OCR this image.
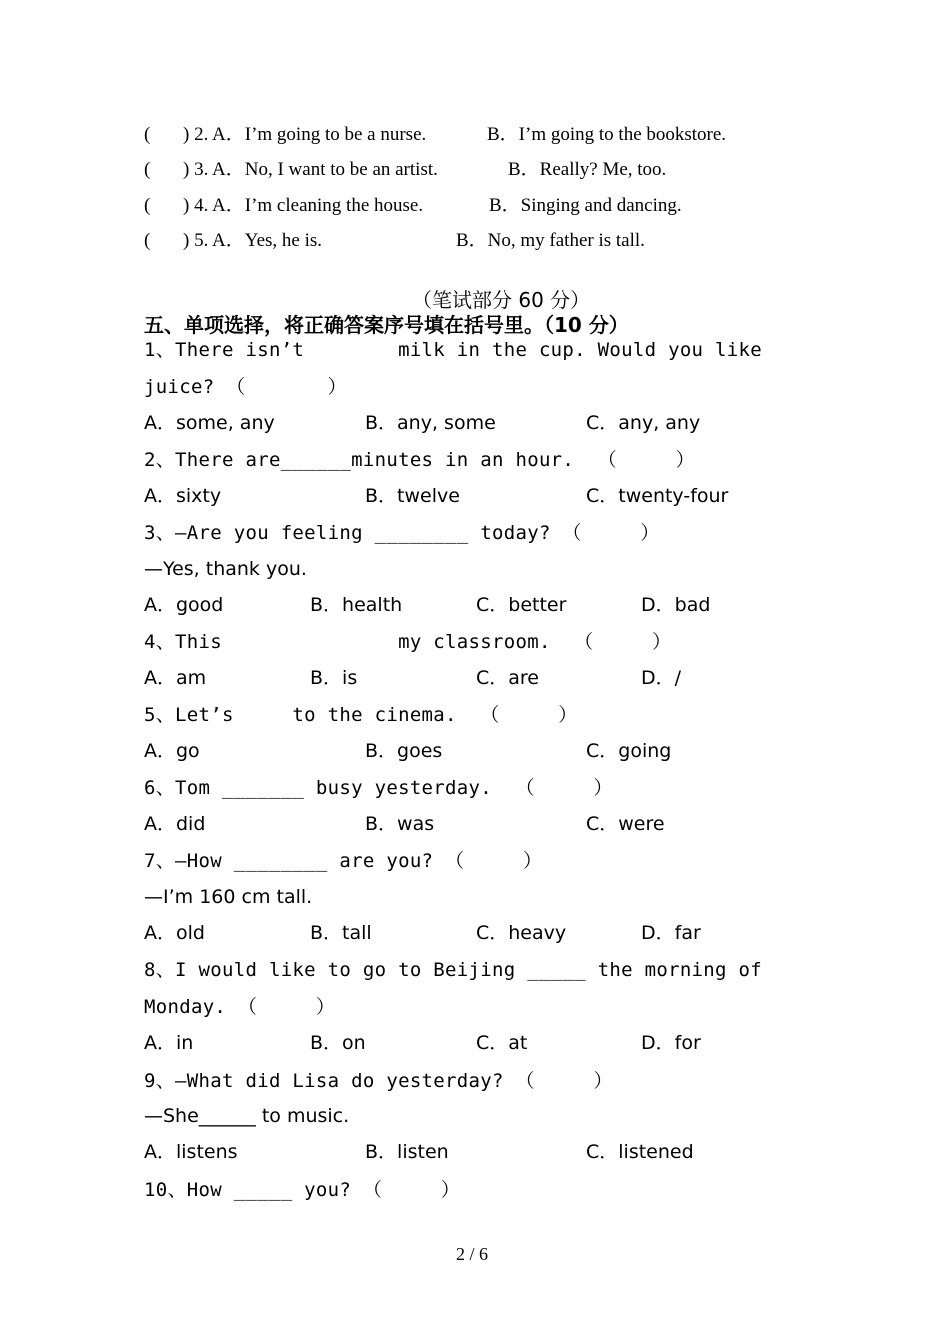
( ) 2. A．I’m going to be a nurse.	B．I’m going to the bookstore.
( ) 3. A．No, I want to be an artist.	B．Really? Me, too.
( ) 4. A．I’m cleaning the house.	B．Singing and dancing.
( ) 5. A．Yes, he is.	B．No, my father is tall.
（笔试部分 60 分）
五、单项选择，将正确答案序号填在括号里。（10 分）
1、There isn’t        milk in the cup. Would you like
juice? （       ）
A．some, any	B．any, some	C．any, any
2、There are______minutes in an hour.  （     ）
A．sixty	B．twelve	C．twenty-four
3、—Are you feeling ________ today? （     ）
—Yes, thank you.
A．good	B．health	C．better	D．bad
4、This               my classroom.  （     ）
A．am	B．is	C．are	D．/
5、Let’s     to the cinema.  （     ）
A．go	B．goes	C．going
6、Tom _______ busy yesterday.  （     ）
A．did	B．was	C．were
7、—How ________ are you? （     ）
—I’m 160 cm tall.
A．old	B．tall	C．heavy	D．far
8、I would like to go to Beijing _____ the morning of
Monday. （     ）
A．in	B．on	C．at	D．for
9、—What did Lisa do yesterday? （     ）
—She______ to music.
A．listens	B．listen	C．listened
10、How _____ you? （     ）
2 / 6
